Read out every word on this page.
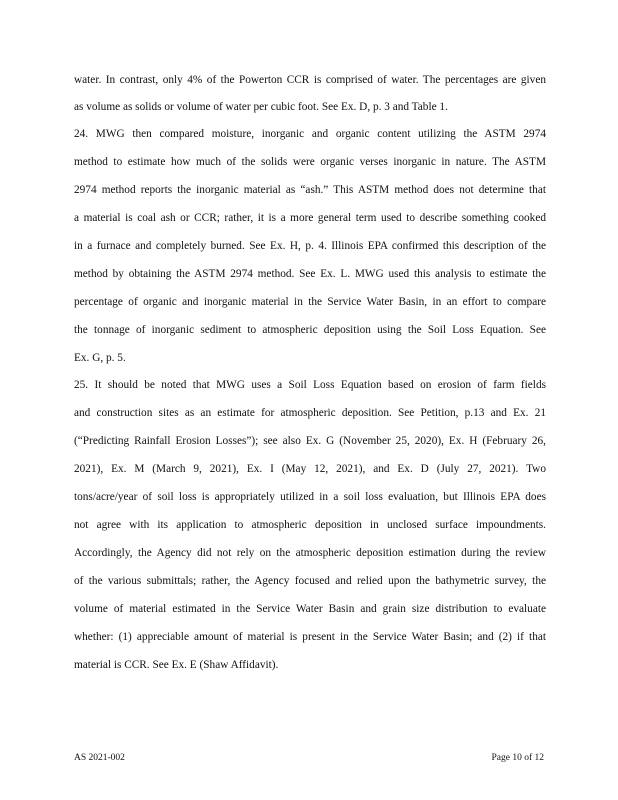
water. In contrast, only 4% of the Powerton CCR is comprised of water. The percentages are given
as volume as solids or volume of water per cubic foot. See Ex. D, p. 3 and Table 1.
24. MWG then compared moisture, inorganic and organic content utilizing the ASTM 2974
method to estimate how much of the solids were organic verses inorganic in nature. The ASTM
2974 method reports the inorganic material as “ash.” This ASTM method does not determine that
a material is coal ash or CCR; rather, it is a more general term used to describe something cooked
in a furnace and completely burned. See Ex. H, p. 4. Illinois EPA confirmed this description of the
method by obtaining the ASTM 2974 method. See Ex. L. MWG used this analysis to estimate the
percentage of organic and inorganic material in the Service Water Basin, in an effort to compare
the tonnage of inorganic sediment to atmospheric deposition using the Soil Loss Equation. See
Ex. G, p. 5.
25. It should be noted that MWG uses a Soil Loss Equation based on erosion of farm fields
and construction sites as an estimate for atmospheric deposition. See Petition, p.13 and Ex. 21
(“Predicting Rainfall Erosion Losses”); see also Ex. G (November 25, 2020), Ex. H (February 26,
2021), Ex. M (March 9, 2021), Ex. I (May 12, 2021), and Ex. D (July 27, 2021). Two
tons/acre/year of soil loss is appropriately utilized in a soil loss evaluation, but Illinois EPA does
not agree with its application to atmospheric deposition in unclosed surface impoundments.
Accordingly, the Agency did not rely on the atmospheric deposition estimation during the review
of the various submittals; rather, the Agency focused and relied upon the bathymetric survey, the
volume of material estimated in the Service Water Basin and grain size distribution to evaluate
whether: (1) appreciable amount of material is present in the Service Water Basin; and (2) if that
material is CCR. See Ex. E (Shaw Affidavit).
AS 2021-002	Page 10 of 12
